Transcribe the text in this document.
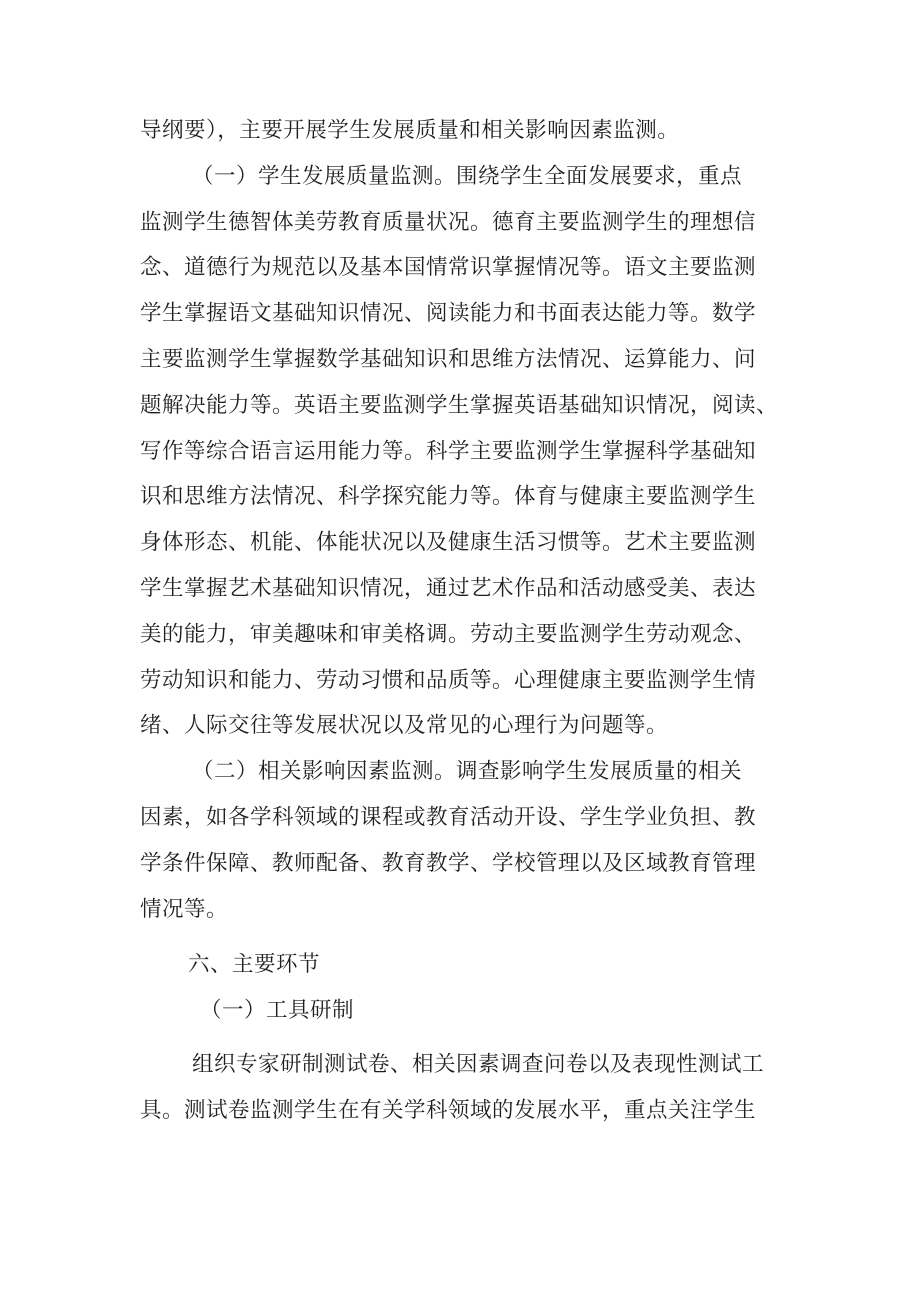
导纲要），主要开展学生发展质量和相关影响因素监测。
（一）学生发展质量监测。围绕学生全面发展要求，重点
监测学生德智体美劳教育质量状况。德育主要监测学生的理想信
念、道德行为规范以及基本国情常识掌握情况等。语文主要监测
学生掌握语文基础知识情况、阅读能力和书面表达能力等。数学
主要监测学生掌握数学基础知识和思维方法情况、运算能力、问
题解决能力等。英语主要监测学生掌握英语基础知识情况，阅读、
写作等综合语言运用能力等。科学主要监测学生掌握科学基础知
识和思维方法情况、科学探究能力等。体育与健康主要监测学生
身体形态、机能、体能状况以及健康生活习惯等。艺术主要监测
学生掌握艺术基础知识情况，通过艺术作品和活动感受美、表达
美的能力，审美趣味和审美格调。劳动主要监测学生劳动观念、
劳动知识和能力、劳动习惯和品质等。心理健康主要监测学生情
绪、人际交往等发展状况以及常见的心理行为问题等。
（二）相关影响因素监测。调查影响学生发展质量的相关
因素，如各学科领域的课程或教育活动开设、学生学业负担、教
学条件保障、教师配备、教育教学、学校管理以及区域教育管理
情况等。
六、主要环节
（一）工具研制
组织专家研制测试卷、相关因素调查问卷以及表现性测试工
具。测试卷监测学生在有关学科领域的发展水平，重点关注学生
